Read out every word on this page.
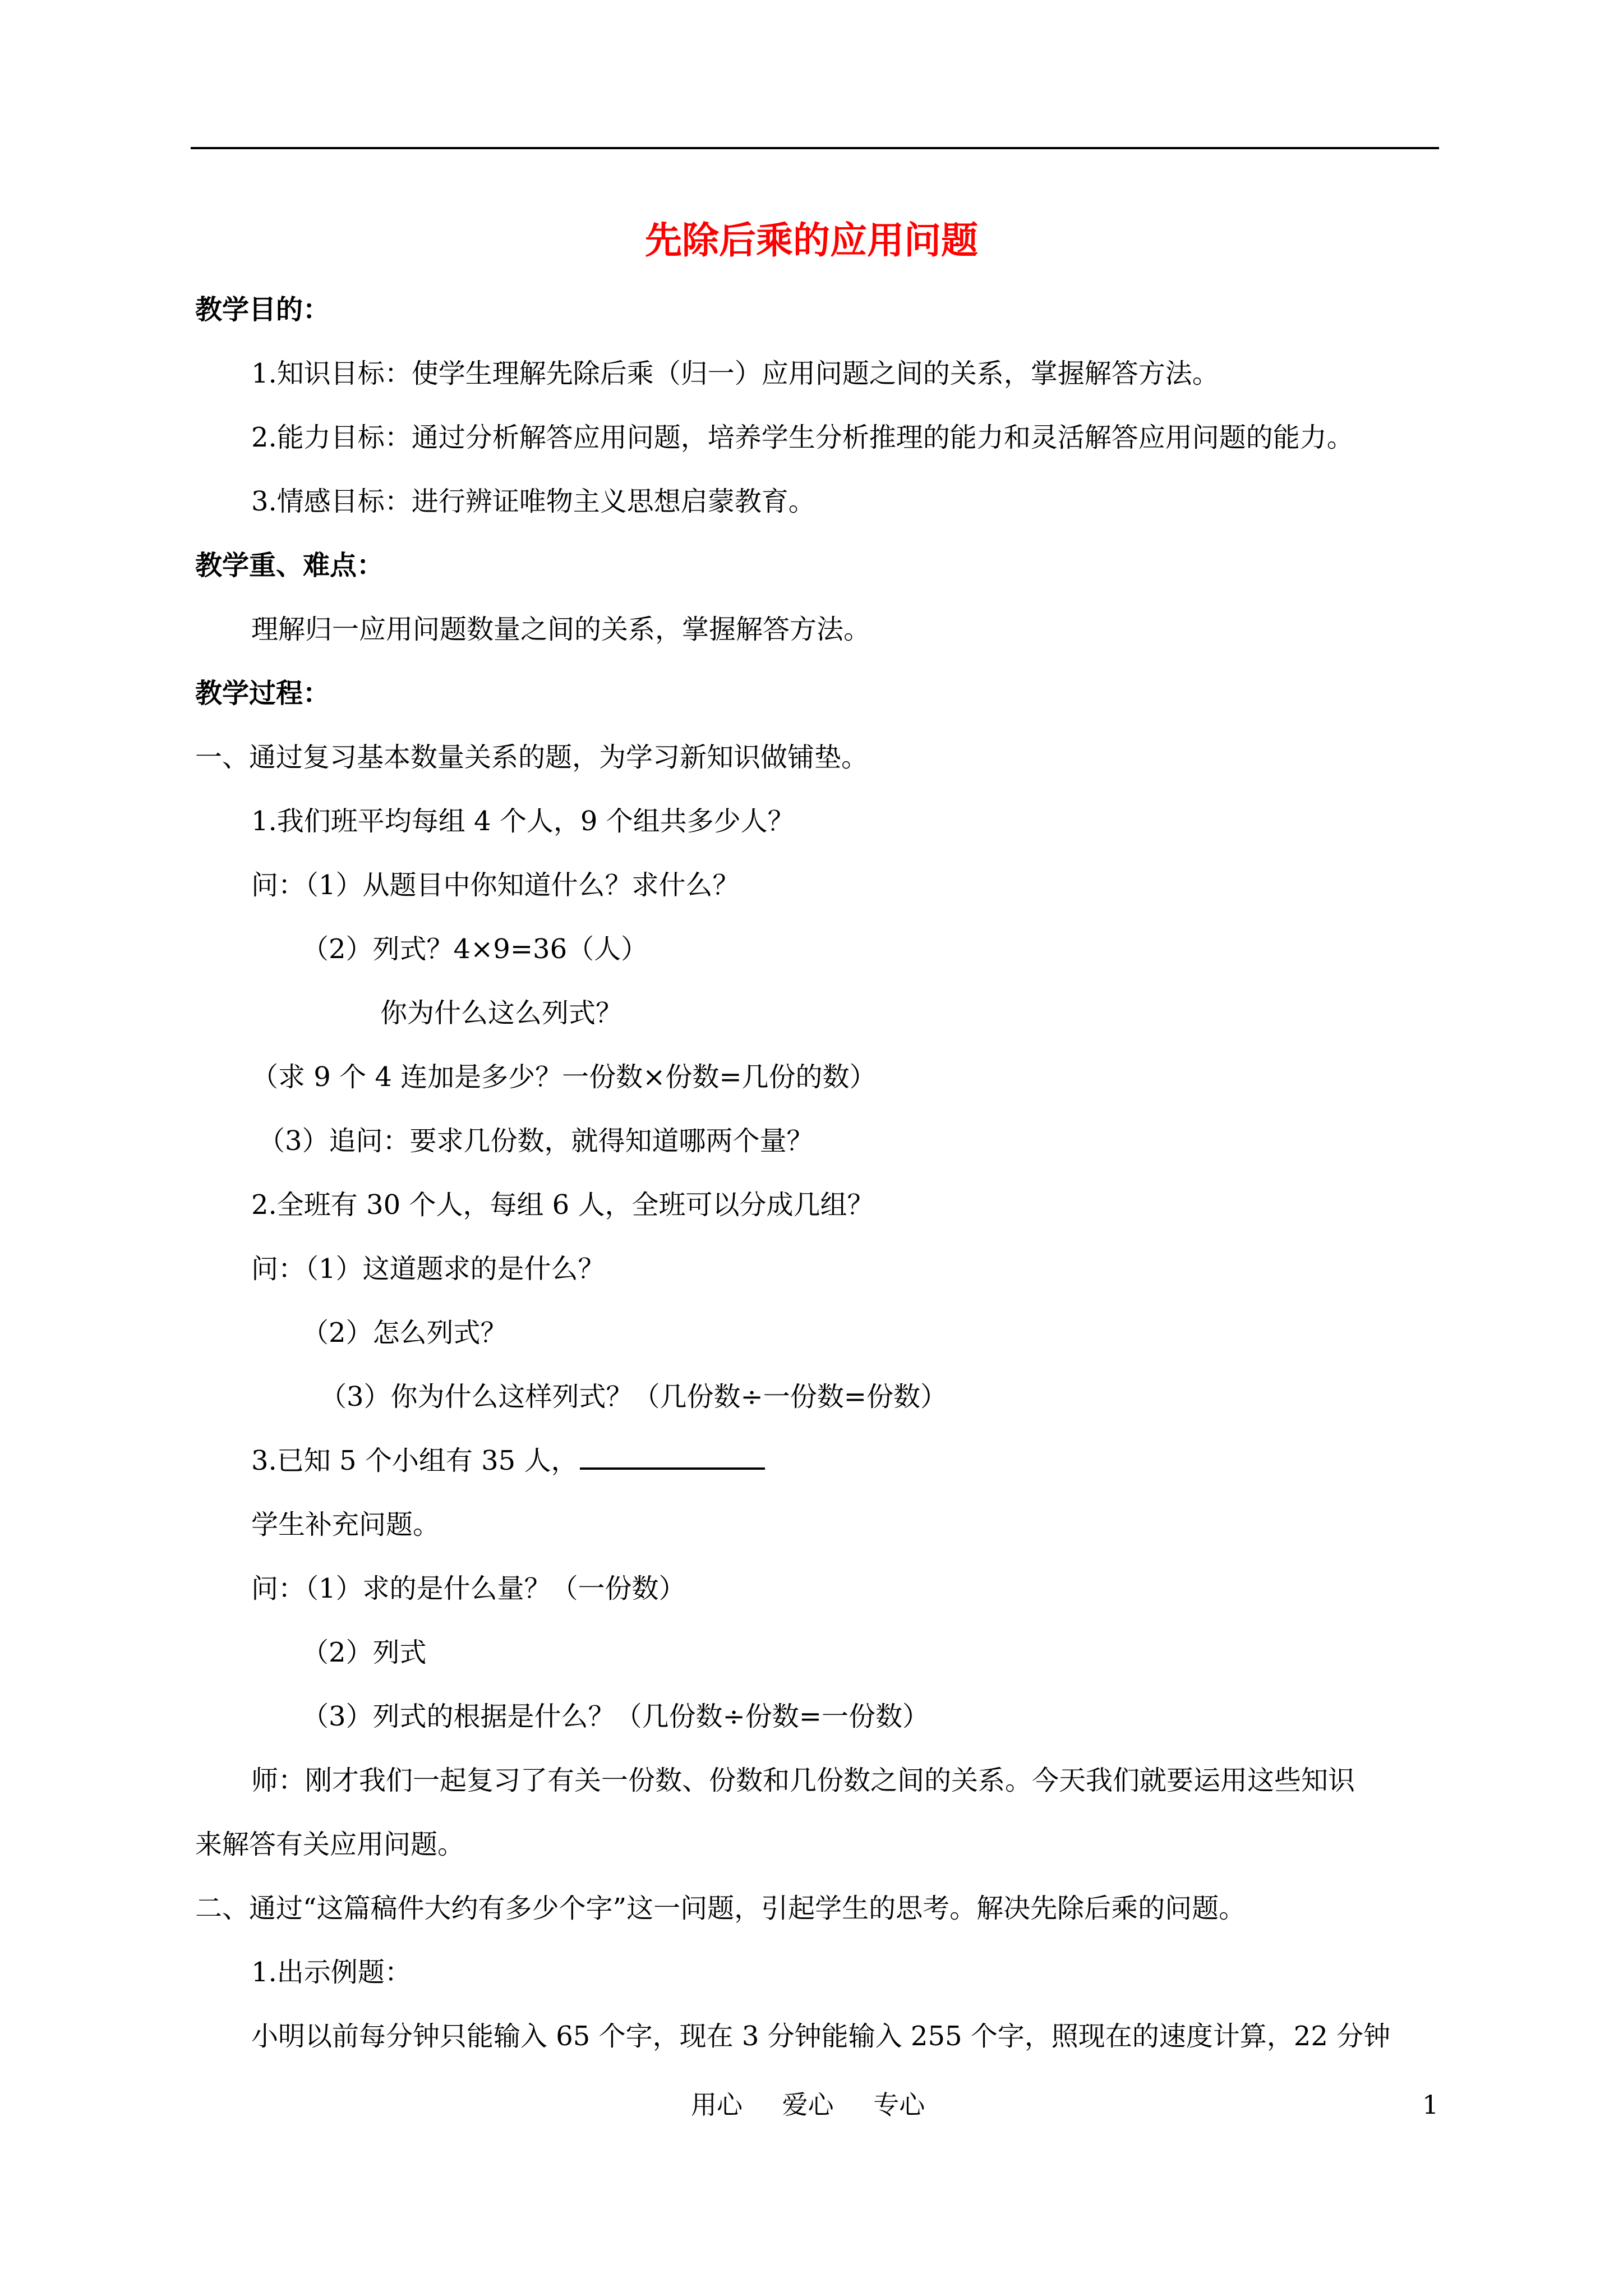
先除后乘的应用问题

教学目的：

1.知识目标：使学生理解先除后乘（归一）应用问题之间的关系，掌握解答方法。

2.能力目标：通过分析解答应用问题，培养学生分析推理的能力和灵活解答应用问题的能力。

3.情感目标：进行辨证唯物主义思想启蒙教育。

教学重、难点：

理解归一应用问题数量之间的关系，掌握解答方法。

教学过程：

一、通过复习基本数量关系的题，为学习新知识做铺垫。

1.我们班平均每组 4 个人，9 个组共多少人？

问：（1）从题目中你知道什么？求什么？

（2）列式？4×9=36（人）

你为什么这么列式？

（求 9 个 4 连加是多少？一份数×份数=几份的数）

（3）追问：要求几份数，就得知道哪两个量？

2.全班有 30 个人，每组 6 人，全班可以分成几组？

问：（1）这道题求的是什么？

（2）怎么列式？

（3）你为什么这样列式？（几份数÷一份数=份数）

3.已知 5 个小组有 35 人，

学生补充问题。

问：（1）求的是什么量？（一份数）

（2）列式

（3）列式的根据是什么？（几份数÷份数=一份数）

师：刚才我们一起复习了有关一份数、份数和几份数之间的关系。今天我们就要运用这些知识

来解答有关应用问题。

二、通过“这篇稿件大约有多少个字”这一问题，引起学生的思考。解决先除后乘的问题。

1.出示例题：

小明以前每分钟只能输入 65 个字，现在 3 分钟能输入 255 个字，照现在的速度计算，22 分钟

用心 爱心 专心	1
